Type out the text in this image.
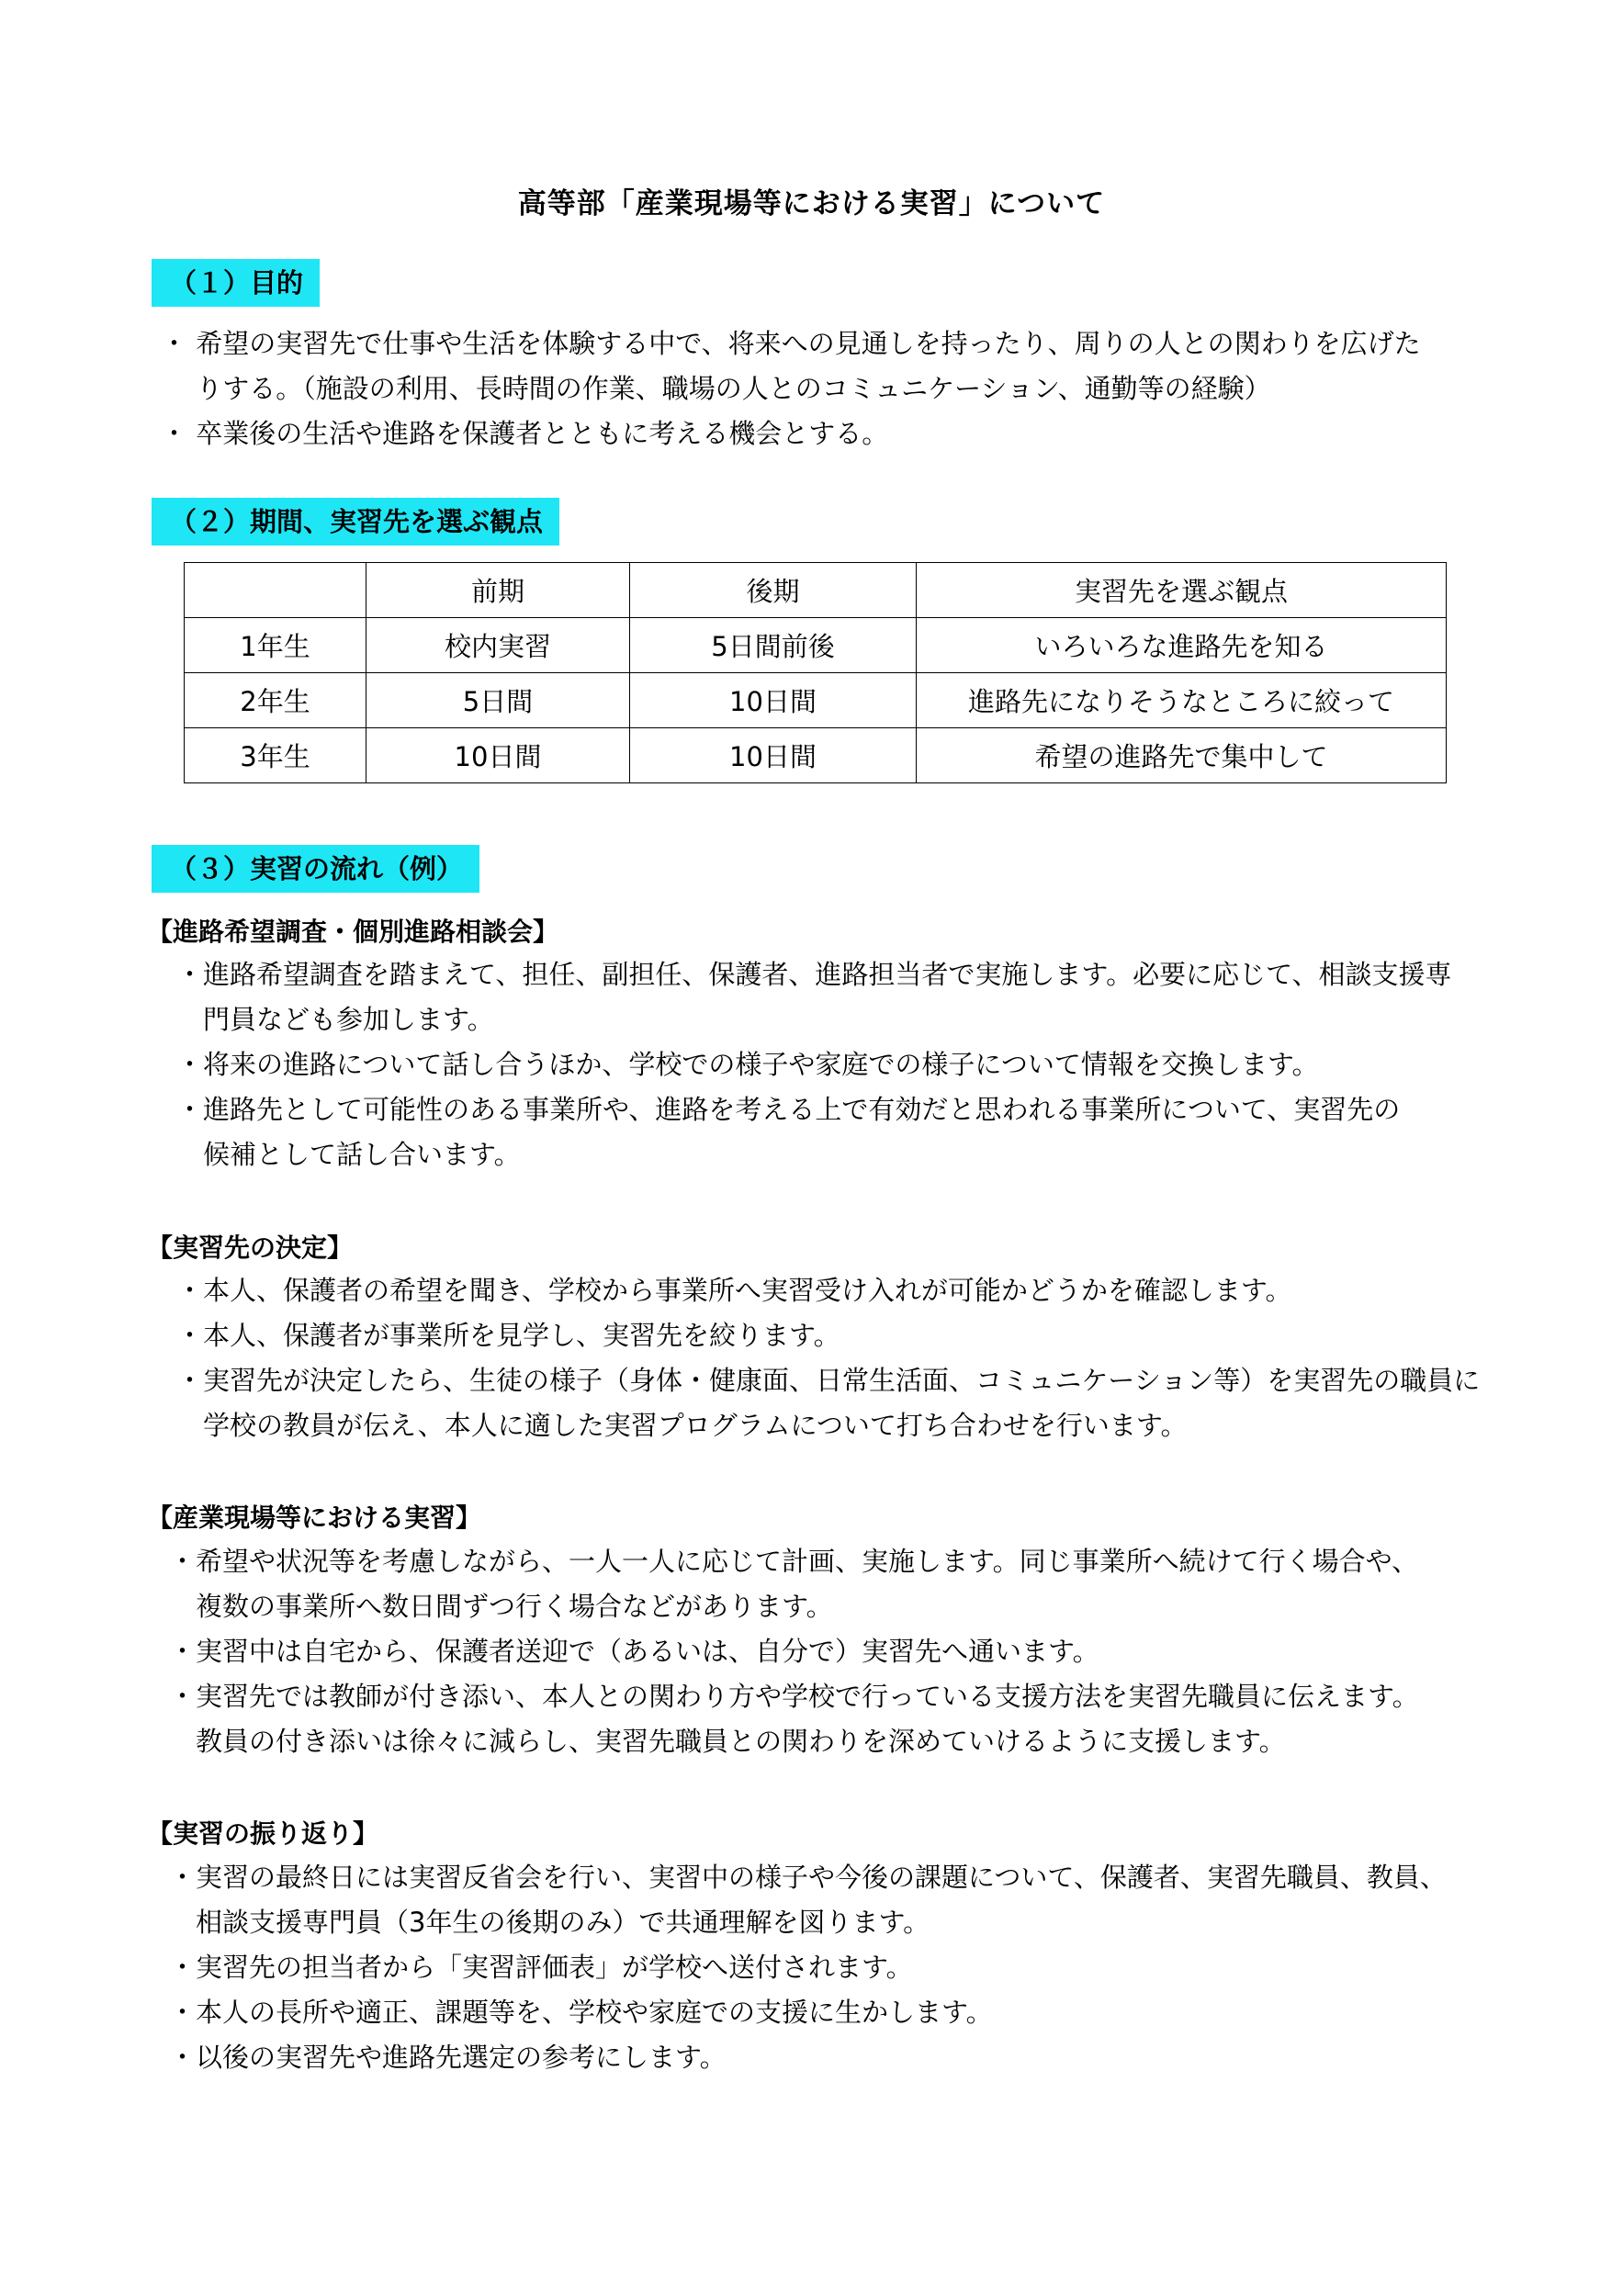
高等部「産業現場等における実習」について
（１）目的
・ 希望の実習先で仕事や生活を体験する中で、将来への見通しを持ったり、周りの人との関わりを広げた
　 りする。（施設の利用、長時間の作業、職場の人とのコミュニケーション、通勤等の経験）
・ 卒業後の生活や進路を保護者とともに考える機会とする。
（２）期間、実習先を選ぶ観点
	前期	後期	実習先を選ぶ観点
1年生	校内実習	5日間前後	いろいろな進路先を知る
2年生	5日間	10日間	進路先になりそうなところに絞って
3年生	10日間	10日間	希望の進路先で集中して
（３）実習の流れ（例）
【進路希望調査・個別進路相談会】
・進路希望調査を踏まえて、担任、副担任、保護者、進路担当者で実施します。必要に応じて、相談支援専
　門員なども参加します。
・将来の進路について話し合うほか、学校での様子や家庭での様子について情報を交換します。
・進路先として可能性のある事業所や、進路を考える上で有効だと思われる事業所について、実習先の
　候補として話し合います。
【実習先の決定】
・本人、保護者の希望を聞き、学校から事業所へ実習受け入れが可能かどうかを確認します。
・本人、保護者が事業所を見学し、実習先を絞ります。
・実習先が決定したら、生徒の様子（身体・健康面、日常生活面、コミュニケーション等）を実習先の職員に
　学校の教員が伝え、本人に適した実習プログラムについて打ち合わせを行います。
【産業現場等における実習】
・希望や状況等を考慮しながら、一人一人に応じて計画、実施します。同じ事業所へ続けて行く場合や、
　複数の事業所へ数日間ずつ行く場合などがあります。
・実習中は自宅から、保護者送迎で（あるいは、自分で）実習先へ通います。
・実習先では教師が付き添い、本人との関わり方や学校で行っている支援方法を実習先職員に伝えます。
　教員の付き添いは徐々に減らし、実習先職員との関わりを深めていけるように支援します。
【実習の振り返り】
・実習の最終日には実習反省会を行い、実習中の様子や今後の課題について、保護者、実習先職員、教員、
　相談支援専門員（3年生の後期のみ）で共通理解を図ります。
・実習先の担当者から「実習評価表」が学校へ送付されます。
・本人の長所や適正、課題等を、学校や家庭での支援に生かします。
・以後の実習先や進路先選定の参考にします。
